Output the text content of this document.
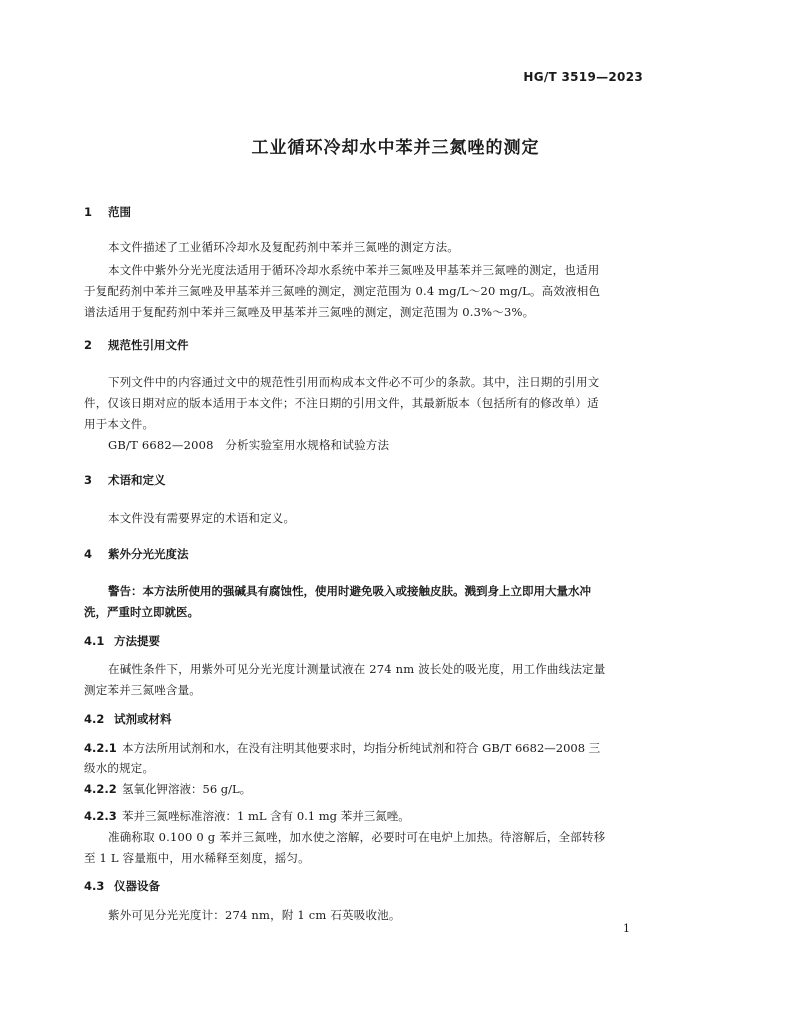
HG/T 3519—2023
工业循环冷却水中苯并三氮唑的测定
1 范围
本文件描述了工业循环冷却水及复配药剂中苯并三氮唑的测定方法。
本文件中紫外分光光度法适用于循环冷却水系统中苯并三氮唑及甲基苯并三氮唑的测定，也适用
于复配药剂中苯并三氮唑及甲基苯并三氮唑的测定，测定范围为 0.4 mg/L～20 mg/L。高效液相色
谱法适用于复配药剂中苯并三氮唑及甲基苯并三氮唑的测定，测定范围为 0.3%～3%。
2 规范性引用文件
下列文件中的内容通过文中的规范性引用而构成本文件必不可少的条款。其中，注日期的引用文
件，仅该日期对应的版本适用于本文件；不注日期的引用文件，其最新版本（包括所有的修改单）适
用于本文件。
GB/T 6682—2008　分析实验室用水规格和试验方法
3 术语和定义
本文件没有需要界定的术语和定义。
4 紫外分光光度法
警告：本方法所使用的强碱具有腐蚀性，使用时避免吸入或接触皮肤。溅到身上立即用大量水冲
洗，严重时立即就医。
4.1 方法提要
在碱性条件下，用紫外可见分光光度计测量试液在 274 nm 波长处的吸光度，用工作曲线法定量
测定苯并三氮唑含量。
4.2 试剂或材料
4.2.1 本方法所用试剂和水，在没有注明其他要求时，均指分析纯试剂和符合 GB/T 6682—2008 三
级水的规定。
4.2.2 氢氧化钾溶液：56 g/L。
4.2.3 苯并三氮唑标准溶液：1 mL 含有 0.1 mg 苯并三氮唑。
准确称取 0.100 0 g 苯并三氮唑，加水使之溶解，必要时可在电炉上加热。待溶解后，全部转移
至 1 L 容量瓶中，用水稀释至刻度，摇匀。
4.3 仪器设备
紫外可见分光光度计：274 nm，附 1 cm 石英吸收池。
1
